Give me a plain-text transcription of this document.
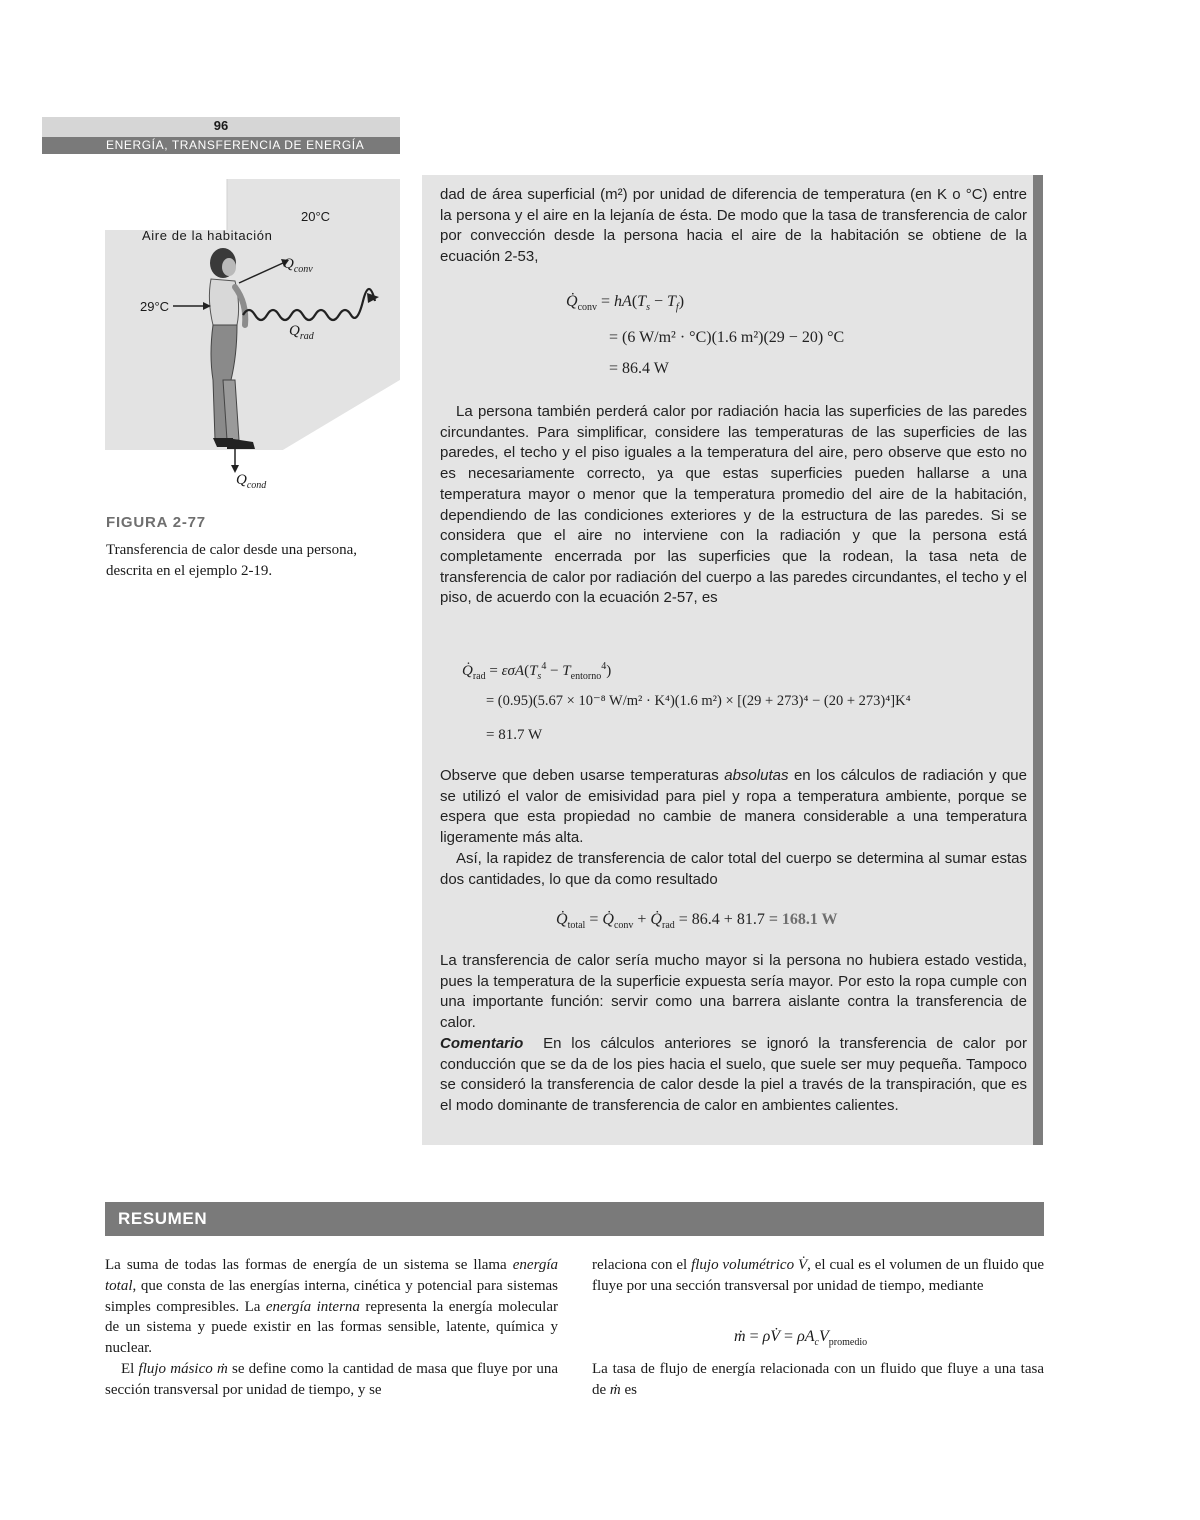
96
ENERGÍA, TRANSFERENCIA DE ENERGÍA
Aire de la habitación
20°C
29°C
$Q_{conv}$
$Q_{rad}$
$Q_{cond}$
FIGURA 2-77
Transferencia de calor desde una persona, descrita en el ejemplo 2-19.
dad de área superficial (m²) por unidad de diferencia de temperatura (en K o °C) entre la persona y el aire en la lejanía de ésta. De modo que la tasa de transferencia de calor por convección desde la persona hacia el aire de la habitación se obtiene de la ecuación 2-53,
$Q̇_{conv} = hA(T_s - T_f)$
= (6 W/m² · °C)(1.6 m²)(29 − 20) °C
= 86.4 W
La persona también perderá calor por radiación hacia las superficies de las paredes circundantes. Para simplificar, considere las temperaturas de las superficies de las paredes, el techo y el piso iguales a la temperatura del aire, pero observe que esto no es necesariamente correcto, ya que estas superficies pueden hallarse a una temperatura mayor o menor que la temperatura promedio del aire de la habitación, dependiendo de las condiciones exteriores y de la estructura de las paredes. Si se considera que el aire no interviene con la radiación y que la persona está completamente encerrada por las superficies que la rodean, la tasa neta de transferencia de calor por radiación del cuerpo a las paredes circundantes, el techo y el piso, de acuerdo con la ecuación 2-57, es
$Q̇_{rad} = \varepsilon\sigma A(T_s^4 - T_{entorno}^4)$
= (0.95)(5.67 × 10⁻⁸ W/m² · K⁴)(1.6 m²) × [(29 + 273)⁴ − (20 + 273)⁴]K⁴
= 81.7 W
Observe que deben usarse temperaturas absolutas en los cálculos de radiación y que se utilizó el valor de emisividad para piel y ropa a temperatura ambiente, porque se espera que esta propiedad no cambie de manera considerable a una temperatura ligeramente más alta.
Así, la rapidez de transferencia de calor total del cuerpo se determina al sumar estas dos cantidades, lo que da como resultado
$Q̇_{total}$ = $Q̇_{conv}$ + $Q̇_{rad} = 86.4 + 81.7 = 168.1$ W
La transferencia de calor sería mucho mayor si la persona no hubiera estado vestida, pues la temperatura de la superficie expuesta sería mayor. Por esto la ropa cumple con una importante función: servir como una barrera aislante contra la transferencia de calor.
Comentario En los cálculos anteriores se ignoró la transferencia de calor por conducción que se da de los pies hacia el suelo, que suele ser muy pequeña. Tampoco se consideró la transferencia de calor desde la piel a través de la transpiración, que es el modo dominante de transferencia de calor en ambientes calientes.
RESUMEN
La suma de todas las formas de energía de un sistema se llama energía total, que consta de las energías interna, cinética y potencial para sistemas simples compresibles. La energía interna representa la energía molecular de un sistema y puede existir en las formas sensible, latente, química y nuclear.
El flujo másico ṁ se define como la cantidad de masa que fluye por una sección transversal por unidad de tiempo, y se
relaciona con el flujo volumétrico V̇, el cual es el volumen de un fluido que fluye por una sección transversal por unidad de tiempo, mediante
ṁ = ρV̇ = $\rho A_cV_{promedio}$
La tasa de flujo de energía relacionada con un fluido que fluye a una tasa de ṁ es
